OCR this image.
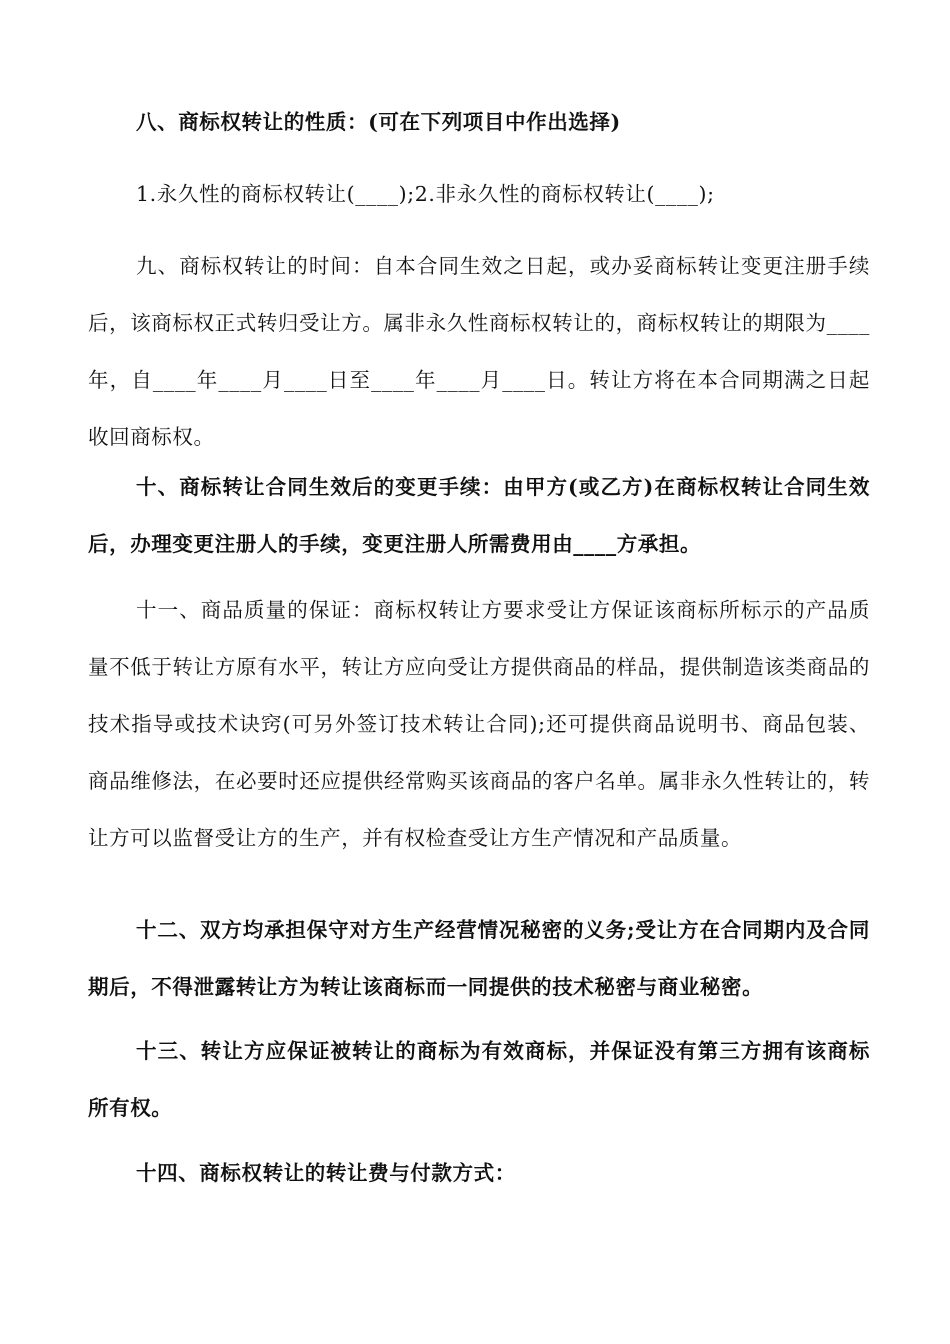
八、商标权转让的性质：(可在下列项目中作出选择)

1.永久性的商标权转让(____);2.非永久性的商标权转让(____);

九、商标权转让的时间：自本合同生效之日起，或办妥商标转让变更注册手续后，该商标权正式转归受让方。属非永久性商标权转让的，商标权转让的期限为____年，自____年____月____日至____年____月____日。转让方将在本合同期满之日起收回商标权。

十、商标转让合同生效后的变更手续：由甲方(或乙方)在商标权转让合同生效后，办理变更注册人的手续，变更注册人所需费用由____方承担。

十一、商品质量的保证：商标权转让方要求受让方保证该商标所标示的产品质量不低于转让方原有水平，转让方应向受让方提供商品的样品，提供制造该类商品的技术指导或技术诀窍(可另外签订技术转让合同);还可提供商品说明书、商品包装、商品维修法，在必要时还应提供经常购买该商品的客户名单。属非永久性转让的，转让方可以监督受让方的生产，并有权检查受让方生产情况和产品质量。

十二、双方均承担保守对方生产经营情况秘密的义务;受让方在合同期内及合同期后，不得泄露转让方为转让该商标而一同提供的技术秘密与商业秘密。

十三、转让方应保证被转让的商标为有效商标，并保证没有第三方拥有该商标所有权。

十四、商标权转让的转让费与付款方式：
